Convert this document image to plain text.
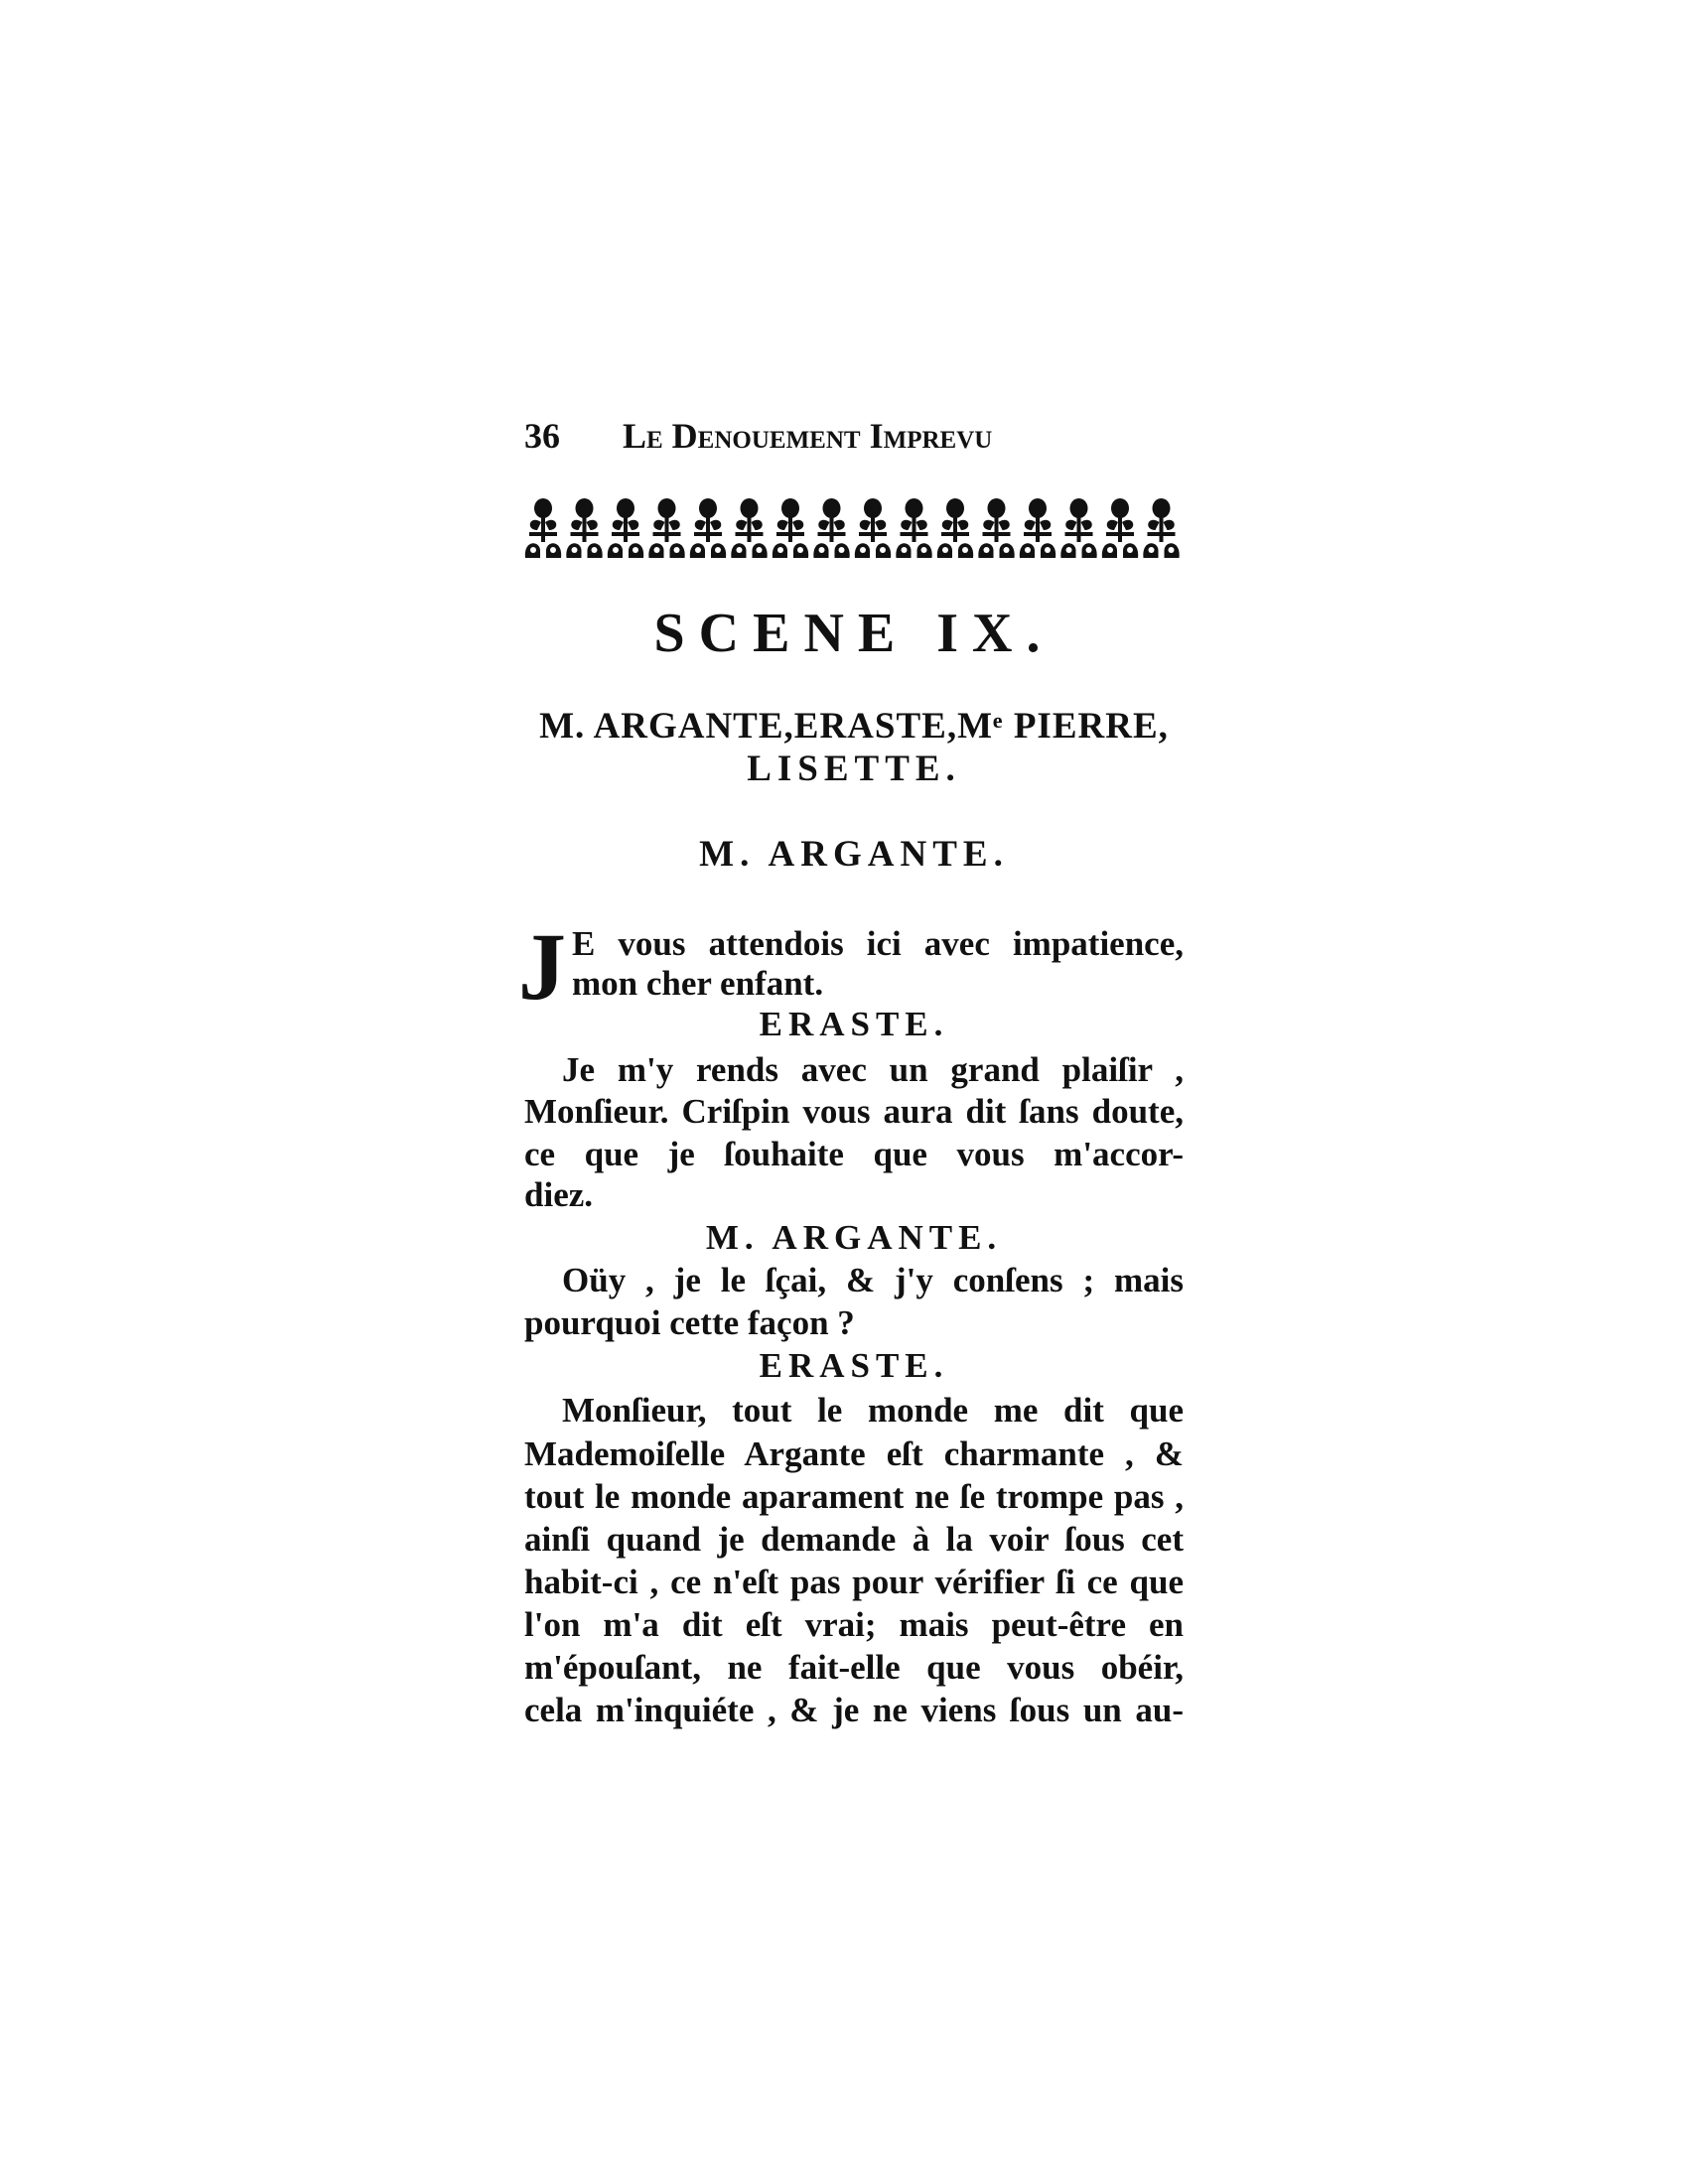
36 Le Denouement Imprevu
SCENE IX.
M. ARGANTE,ERASTE,Mᵉ PIERRE,
LISETTE.
M. ARGANTE.
J E vous attendois ici avec impatience,
mon cher enfant.
ERASTE.
Je m'y rends avec un grand plaiſir ,
Monſieur. Criſpin vous aura dit ſans doute,
ce que je ſouhaite que vous m'accor-
diez.
M. ARGANTE.
Oüy , je le ſçai, & j'y conſens ; mais
pourquoi cette façon ?
ERASTE.
Monſieur, tout le monde me dit que
Mademoiſelle Argante eſt charmante , &
tout le monde aparament ne ſe trompe pas ,
ainſi quand je demande à la voir ſous cet
habit-ci , ce n'eſt pas pour vérifier ſi ce que
l'on m'a dit eſt vrai; mais peut-être en
m'épouſant, ne fait-elle que vous obéir,
cela m'inquiéte , & je ne viens ſous un au-
